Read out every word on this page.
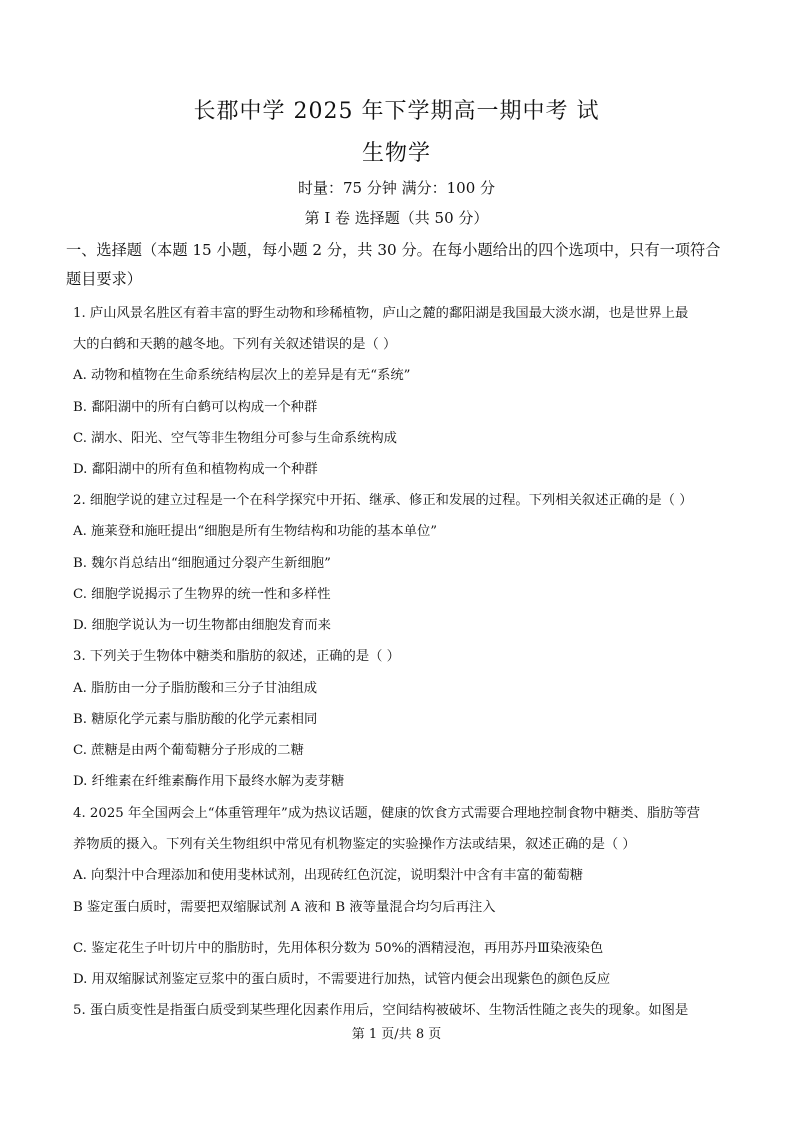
长郡中学 2025 年下学期高一期中考 试
生物学
时量：75 分钟 满分：100 分
第 I 卷 选择题（共 50 分）
一、选择题（本题 15 小题，每小题 2 分，共 30 分。在每小题给出的四个选项中，只有一项符合题目要求）
1. 庐山风景名胜区有着丰富的野生动物和珍稀植物，庐山之麓的鄱阳湖是我国最大淡水湖，也是世界上最
大的白鹤和天鹅的越冬地。下列有关叙述错误的是（ ）
A. 动物和植物在生命系统结构层次上的差异是有无“系统”
B. 鄱阳湖中的所有白鹤可以构成一个种群
C. 湖水、阳光、空气等非生物组分可参与生命系统构成
D. 鄱阳湖中的所有鱼和植物构成一个种群
2. 细胞学说的建立过程是一个在科学探究中开拓、继承、修正和发展的过程。下列相关叙述正确的是（ ）
A. 施莱登和施旺提出“细胞是所有生物结构和功能的基本单位”
B. 魏尔肖总结出“细胞通过分裂产生新细胞”
C. 细胞学说揭示了生物界的统一性和多样性
D. 细胞学说认为一切生物都由细胞发育而来
3. 下列关于生物体中糖类和脂肪的叙述，正确的是（ ）
A. 脂肪由一分子脂肪酸和三分子甘油组成
B. 糖原化学元素与脂肪酸的化学元素相同
C. 蔗糖是由两个葡萄糖分子形成的二糖
D. 纤维素在纤维素酶作用下最终水解为麦芽糖
4. 2025 年全国两会上“体重管理年”成为热议话题，健康的饮食方式需要合理地控制食物中糖类、脂肪等营
养物质的摄入。下列有关生物组织中常见有机物鉴定的实验操作方法或结果，叙述正确的是（ ）
A. 向梨汁中合理添加和使用斐林试剂，出现砖红色沉淀，说明梨汁中含有丰富的葡萄糖
B 鉴定蛋白质时，需要把双缩脲试剂 A 液和 B 液等量混合均匀后再注入
C. 鉴定花生子叶切片中的脂肪时，先用体积分数为 50%的酒精浸泡，再用苏丹Ⅲ染液染色
D. 用双缩脲试剂鉴定豆浆中的蛋白质时，不需要进行加热，试管内便会出现紫色的颜色反应
5. 蛋白质变性是指蛋白质受到某些理化因素作用后，空间结构被破坏、生物活性随之丧失的现象。如图是
第 1 页/共 8 页
